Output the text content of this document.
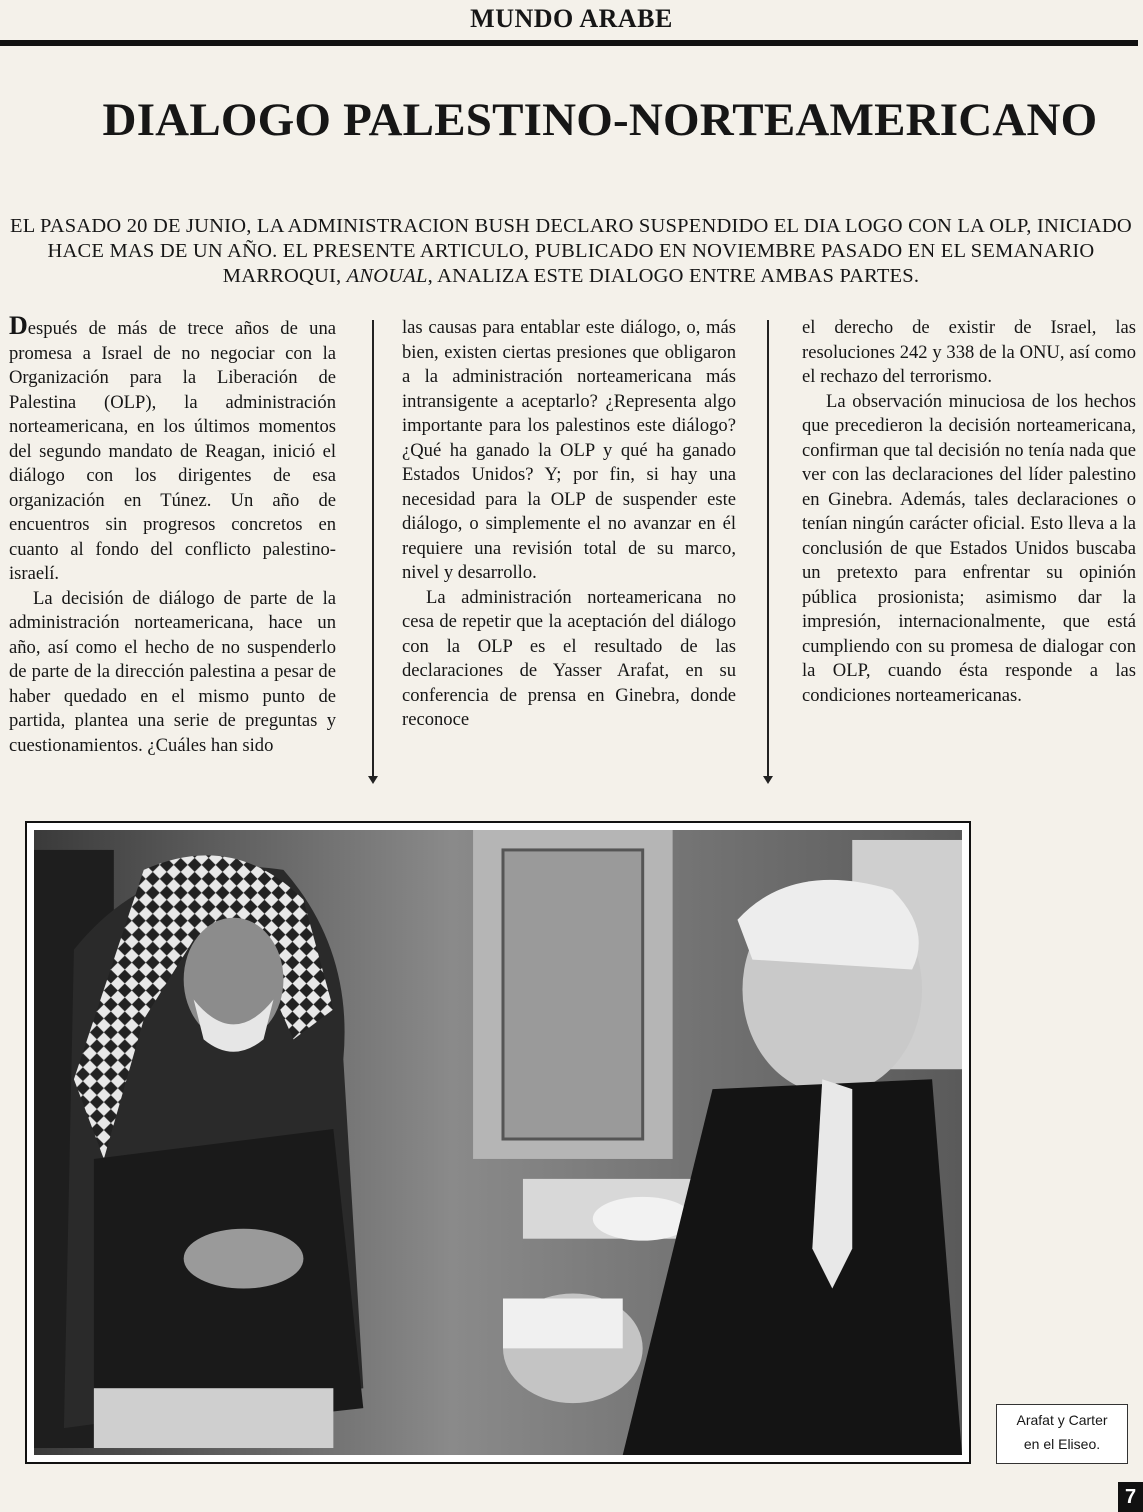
MUNDO ARABE
DIALOGO PALESTINO-NORTEAMERICANO
EL PASADO 20 DE JUNIO, LA ADMINISTRACION BUSH DECLARO SUSPENDIDO EL DIA LOGO CON LA OLP, INICIADO HACE MAS DE UN AÑO. EL PRESENTE ARTICULO, PUBLICADO EN NOVIEMBRE PASADO EN EL SEMANARIO MARROQUI, ANOUAL, ANALIZA ESTE DIALOGO ENTRE AMBAS PARTES.

Después de más de trece años de una promesa a Israel de no negociar con la Organización para la Liberación de Palestina (OLP), la administración norteamericana, en los últimos momentos del segundo mandato de Reagan, inició el diálogo con los dirigentes de esa organización en Túnez. Un año de encuentros sin progresos concretos en cuanto al fondo del conflicto palestino-israelí.

La decisión de diálogo de parte de la administración norteamericana, hace un año, así como el hecho de no suspenderlo de parte de la dirección palestina a pesar de haber quedado en el mismo punto de partida, plantea una serie de preguntas y cuestionamientos. ¿Cuáles han sido

las causas para entablar este diálogo, o, más bien, existen ciertas presiones que obligaron a la administración norteamericana más intransigente a aceptarlo? ¿Representa algo importante para los palestinos este diálogo? ¿Qué ha ganado la OLP y qué ha ganado Estados Unidos? Y; por fin, si hay una necesidad para la OLP de suspender este diálogo, o simplemente el no avanzar en él requiere una revisión total de su marco, nivel y desarrollo.

La administración norteamericana no cesa de repetir que la aceptación del diálogo con la OLP es el resultado de las declaraciones de Yasser Arafat, en su conferencia de prensa en Ginebra, donde reconoce

el derecho de existir de Israel, las resoluciones 242 y 338 de la ONU, así como el rechazo del terrorismo.

La observación minuciosa de los hechos que precedieron la decisión norteamericana, confirman que tal decisión no tenía nada que ver con las declaraciones del líder palestino en Ginebra. Además, tales declaraciones o tenían ningún carácter oficial. Esto lleva a la conclusión de que Estados Unidos buscaba un pretexto para enfrentar su opinión pública prosionista; asimismo dar la impresión, internacionalmente, que está cumpliendo con su promesa de dialogar con la OLP, cuando ésta responde a las condiciones norteamericanas.

Arafat y Carter
en el Eliseo.
7
